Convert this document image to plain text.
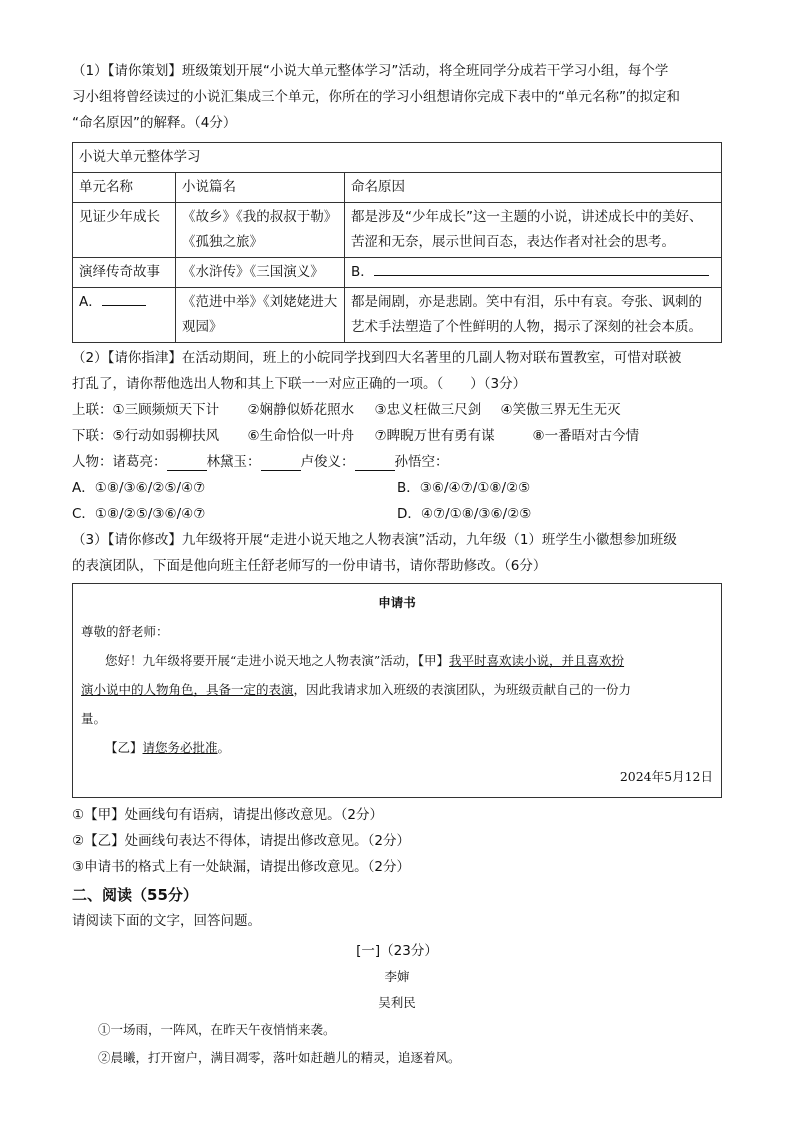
（1）【请你策划】班级策划开展“小说大单元整体学习”活动，将全班同学分成若干学习小组，每个学

习小组将曾经读过的小说汇集成三个单元，你所在的学习小组想请你完成下表中的“单元名称”的拟定和

“命名原因”的解释。（4分）

小说大单元整体学习		
单元名称	小说篇名	命名原因
见证少年成长	《故乡》《我的叔叔于勒》《孤独之旅》	都是涉及“少年成长”这一主题的小说，讲述成长中的美好、苦涩和无奈，展示世间百态，表达作者对社会的思考。
演绎传奇故事	《水浒传》《三国演义》	B．
A．	《范进中举》《刘姥姥进大观园》	都是闹剧，亦是悲剧。笑中有泪，乐中有哀。夸张、讽刺的艺术手法塑造了个性鲜明的人物，揭示了深刻的社会本质。

（2）【请你指津】在活动期间，班上的小皖同学找到四大名著里的几副人物对联布置教室，可惜对联被

打乱了，请你帮他选出人物和其上下联一一对应正确的一项。（　　）（3分）

上联： ①三顾频烦天下计	②娴静似娇花照水	③忠义枉做三尺剑	④笑傲三界无生无灭
下联： ⑤行动如弱柳扶风	⑥生命恰似一叶舟	⑦睥睨万世有勇有谋	⑧一番晤对古今情
人物： 诸葛亮：	林黛玉：	卢俊义：	孙悟空：
A．①⑧/③⑥/②⑤/④⑦	B．③⑥/④⑦/①⑧/②⑤
C．①⑧/②⑤/③⑥/④⑦	D．④⑦/①⑧/③⑥/②⑤

（3）【请你修改】九年级将开展“走进小说天地之人物表演”活动，九年级（1）班学生小徽想参加班级

的表演团队，下面是他向班主任舒老师写的一份申请书，请你帮助修改。（6分）

申请书
尊敬的舒老师：
您好！九年级将要开展“走进小说天地之人物表演”活动，【甲】我平时喜欢读小说，并且喜欢扮
演小说中的人物角色，具备一定的表演，因此我请求加入班级的表演团队，为班级贡献自己的一份力
量。
【乙】请您务必批准。
2024年5月12日

①【甲】处画线句有语病，请提出修改意见。（2分）

②【乙】处画线句表达不得体，请提出修改意见。（2分）

③申请书的格式上有一处缺漏，请提出修改意见。（2分）

二、阅读（55分）

请阅读下面的文字，回答问题。

[一]（23分）

李婶

吴利民

①一场雨，一阵风，在昨天午夜悄悄来袭。

②晨曦，打开窗户，满目凋零，落叶如赶趟儿的精灵，追逐着风。
